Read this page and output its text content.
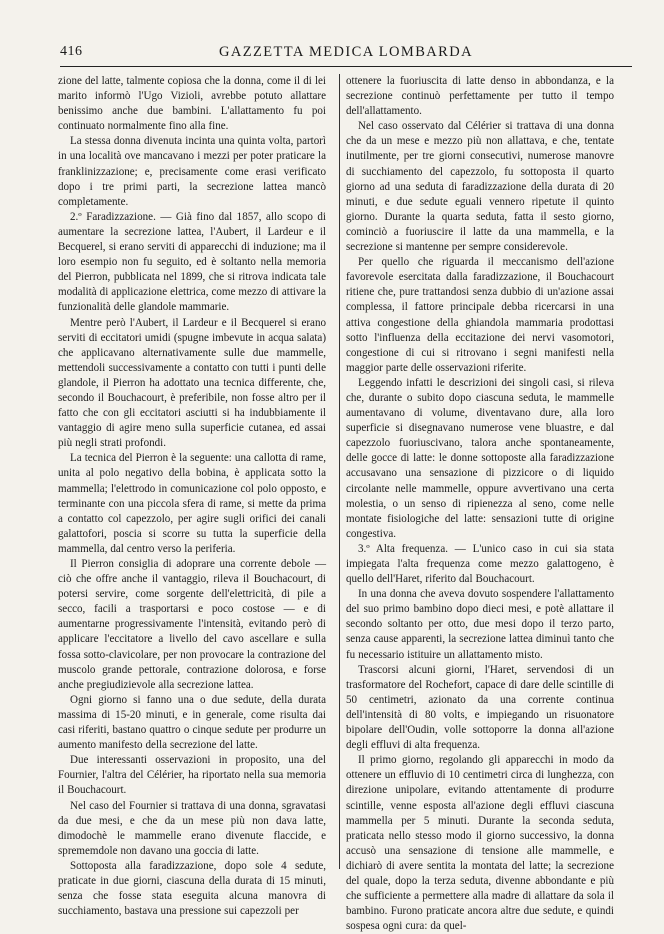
416	GAZZETTA MEDICA LOMBARDA

zione del latte, talmente copiosa che la donna, come il di lei marito informò l'Ugo Vizioli, avrebbe potuto allattare benissimo anche due bambini. L'allattamento fu poi continuato normalmente fino alla fine.

La stessa donna divenuta incinta una quinta volta, partorì in una località ove mancavano i mezzi per poter praticare la franklinizzazione; e, precisamente come erasi verificato dopo i tre primi parti, la secrezione lattea mancò completamente.

2.º Faradizzazione. — Già fino dal 1857, allo scopo di aumentare la secrezione lattea, l'Aubert, il Lardeur e il Becquerel, si erano serviti di apparecchi di induzione; ma il loro esempio non fu seguito, ed è soltanto nella memoria del Pierron, pubblicata nel 1899, che si ritrova indicata tale modalità di applicazione elettrica, come mezzo di attivare la funzionalità delle glandole mammarie.

Mentre però l'Aubert, il Lardeur e il Becquerel si erano serviti di eccitatori umidi (spugne imbevute in acqua salata) che applicavano alternativamente sulle due mammelle, mettendoli successivamente a contatto con tutti i punti delle glandole, il Pierron ha adottato una tecnica differente, che, secondo il Bouchacourt, è preferibile, non fosse altro per il fatto che con gli eccitatori asciutti si ha indubbiamente il vantaggio di agire meno sulla superficie cutanea, ed assai più negli strati profondi.

La tecnica del Pierron è la seguente: una callotta di rame, unita al polo negativo della bobina, è applicata sotto la mammella; l'elettrodo in comunicazione col polo opposto, e terminante con una piccola sfera di rame, si mette da prima a contatto col capezzolo, per agire sugli orifici dei canali galattofori, poscia si scorre su tutta la superficie della mammella, dal centro verso la periferia.

Il Pierron consiglia di adoprare una corrente debole — ciò che offre anche il vantaggio, rileva il Bouchacourt, di potersi servire, come sorgente dell'elettricità, di pile a secco, facili a trasportarsi e poco costose — e di aumentarne progressivamente l'intensità, evitando però di applicare l'eccitatore a livello del cavo ascellare e sulla fossa sotto-clavicolare, per non provocare la contrazione del muscolo grande pettorale, contrazione dolorosa, e forse anche pregiudizievole alla secrezione lattea.

Ogni giorno si fanno una o due sedute, della durata massima di 15-20 minuti, e in generale, come risulta dai casi riferiti, bastano quattro o cinque sedute per produrre un aumento manifesto della secrezione del latte.

Due interessanti osservazioni in proposito, una del Fournier, l'altra del Célérier, ha riportato nella sua memoria il Bouchacourt.

Nel caso del Fournier si trattava di una donna, sgravatasi da due mesi, e che da un mese più non dava latte, dimodochè le mammelle erano divenute flaccide, e sprememdole non davano una goccia di latte.

Sottoposta alla faradizzazione, dopo sole 4 sedute, praticate in due giorni, ciascuna della durata di 15 minuti, senza che fosse stata eseguita alcuna manovra di succhiamento, bastava una pressione sui capezzoli per

ottenere la fuoriuscita di latte denso in abbondanza, e la secrezione continuò perfettamente per tutto il tempo dell'allattamento.

Nel caso osservato dal Célérier si trattava di una donna che da un mese e mezzo più non allattava, e che, tentate inutilmente, per tre giorni consecutivi, numerose manovre di succhiamento del capezzolo, fu sottoposta il quarto giorno ad una seduta di faradizzazione della durata di 20 minuti, e due sedute eguali vennero ripetute il quinto giorno. Durante la quarta seduta, fatta il sesto giorno, cominciò a fuoriuscire il latte da una mammella, e la secrezione si mantenne per sempre considerevole.

Per quello che riguarda il meccanismo dell'azione favorevole esercitata dalla faradizzazione, il Bouchacourt ritiene che, pure trattandosi senza dubbio di un'azione assai complessa, il fattore principale debba ricercarsi in una attiva congestione della ghiandola mammaria prodottasi sotto l'influenza della eccitazione dei nervi vasomotori, congestione di cui si ritrovano i segni manifesti nella maggior parte delle osservazioni riferite.

Leggendo infatti le descrizioni dei singoli casi, si rileva che, durante o subito dopo ciascuna seduta, le mammelle aumentavano di volume, diventavano dure, alla loro superficie si disegnavano numerose vene bluastre, e dal capezzolo fuoriuscivano, talora anche spontaneamente, delle gocce di latte: le donne sottoposte alla faradizzazione accusavano una sensazione di pizzicore o di liquido circolante nelle mammelle, oppure avvertivano una certa molestia, o un senso di ripienezza al seno, come nelle montate fisiologiche del latte: sensazioni tutte di origine congestiva.

3.º Alta frequenza. — L'unico caso in cui sia stata impiegata l'alta frequenza come mezzo galattogeno, è quello dell'Haret, riferito dal Bouchacourt.

In una donna che aveva dovuto sospendere l'allattamento del suo primo bambino dopo dieci mesi, e potè allattare il secondo soltanto per otto, due mesi dopo il terzo parto, senza cause apparenti, la secrezione lattea diminuì tanto che fu necessario istituire un allattamento misto.

Trascorsi alcuni giorni, l'Haret, servendosi di un trasformatore del Rochefort, capace di dare delle scintille di 50 centimetri, azionato da una corrente continua dell'intensità di 80 volts, e impiegando un risuonatore bipolare dell'Oudin, volle sottoporre la donna all'azione degli effluvi di alta frequenza.

Il primo giorno, regolando gli apparecchi in modo da ottenere un effluvio di 10 centimetri circa di lunghezza, con direzione unipolare, evitando attentamente di produrre scintille, venne esposta all'azione degli effluvi ciascuna mammella per 5 minuti. Durante la seconda seduta, praticata nello stesso modo il giorno successivo, la donna accusò una sensazione di tensione alle mammelle, e dichiarò di avere sentita la montata del latte; la secrezione del quale, dopo la terza seduta, divenne abbondante e più che sufficiente a permettere alla madre di allattare da sola il bambino. Furono praticate ancora altre due sedute, e quindi sospesa ogni cura: da quel-
